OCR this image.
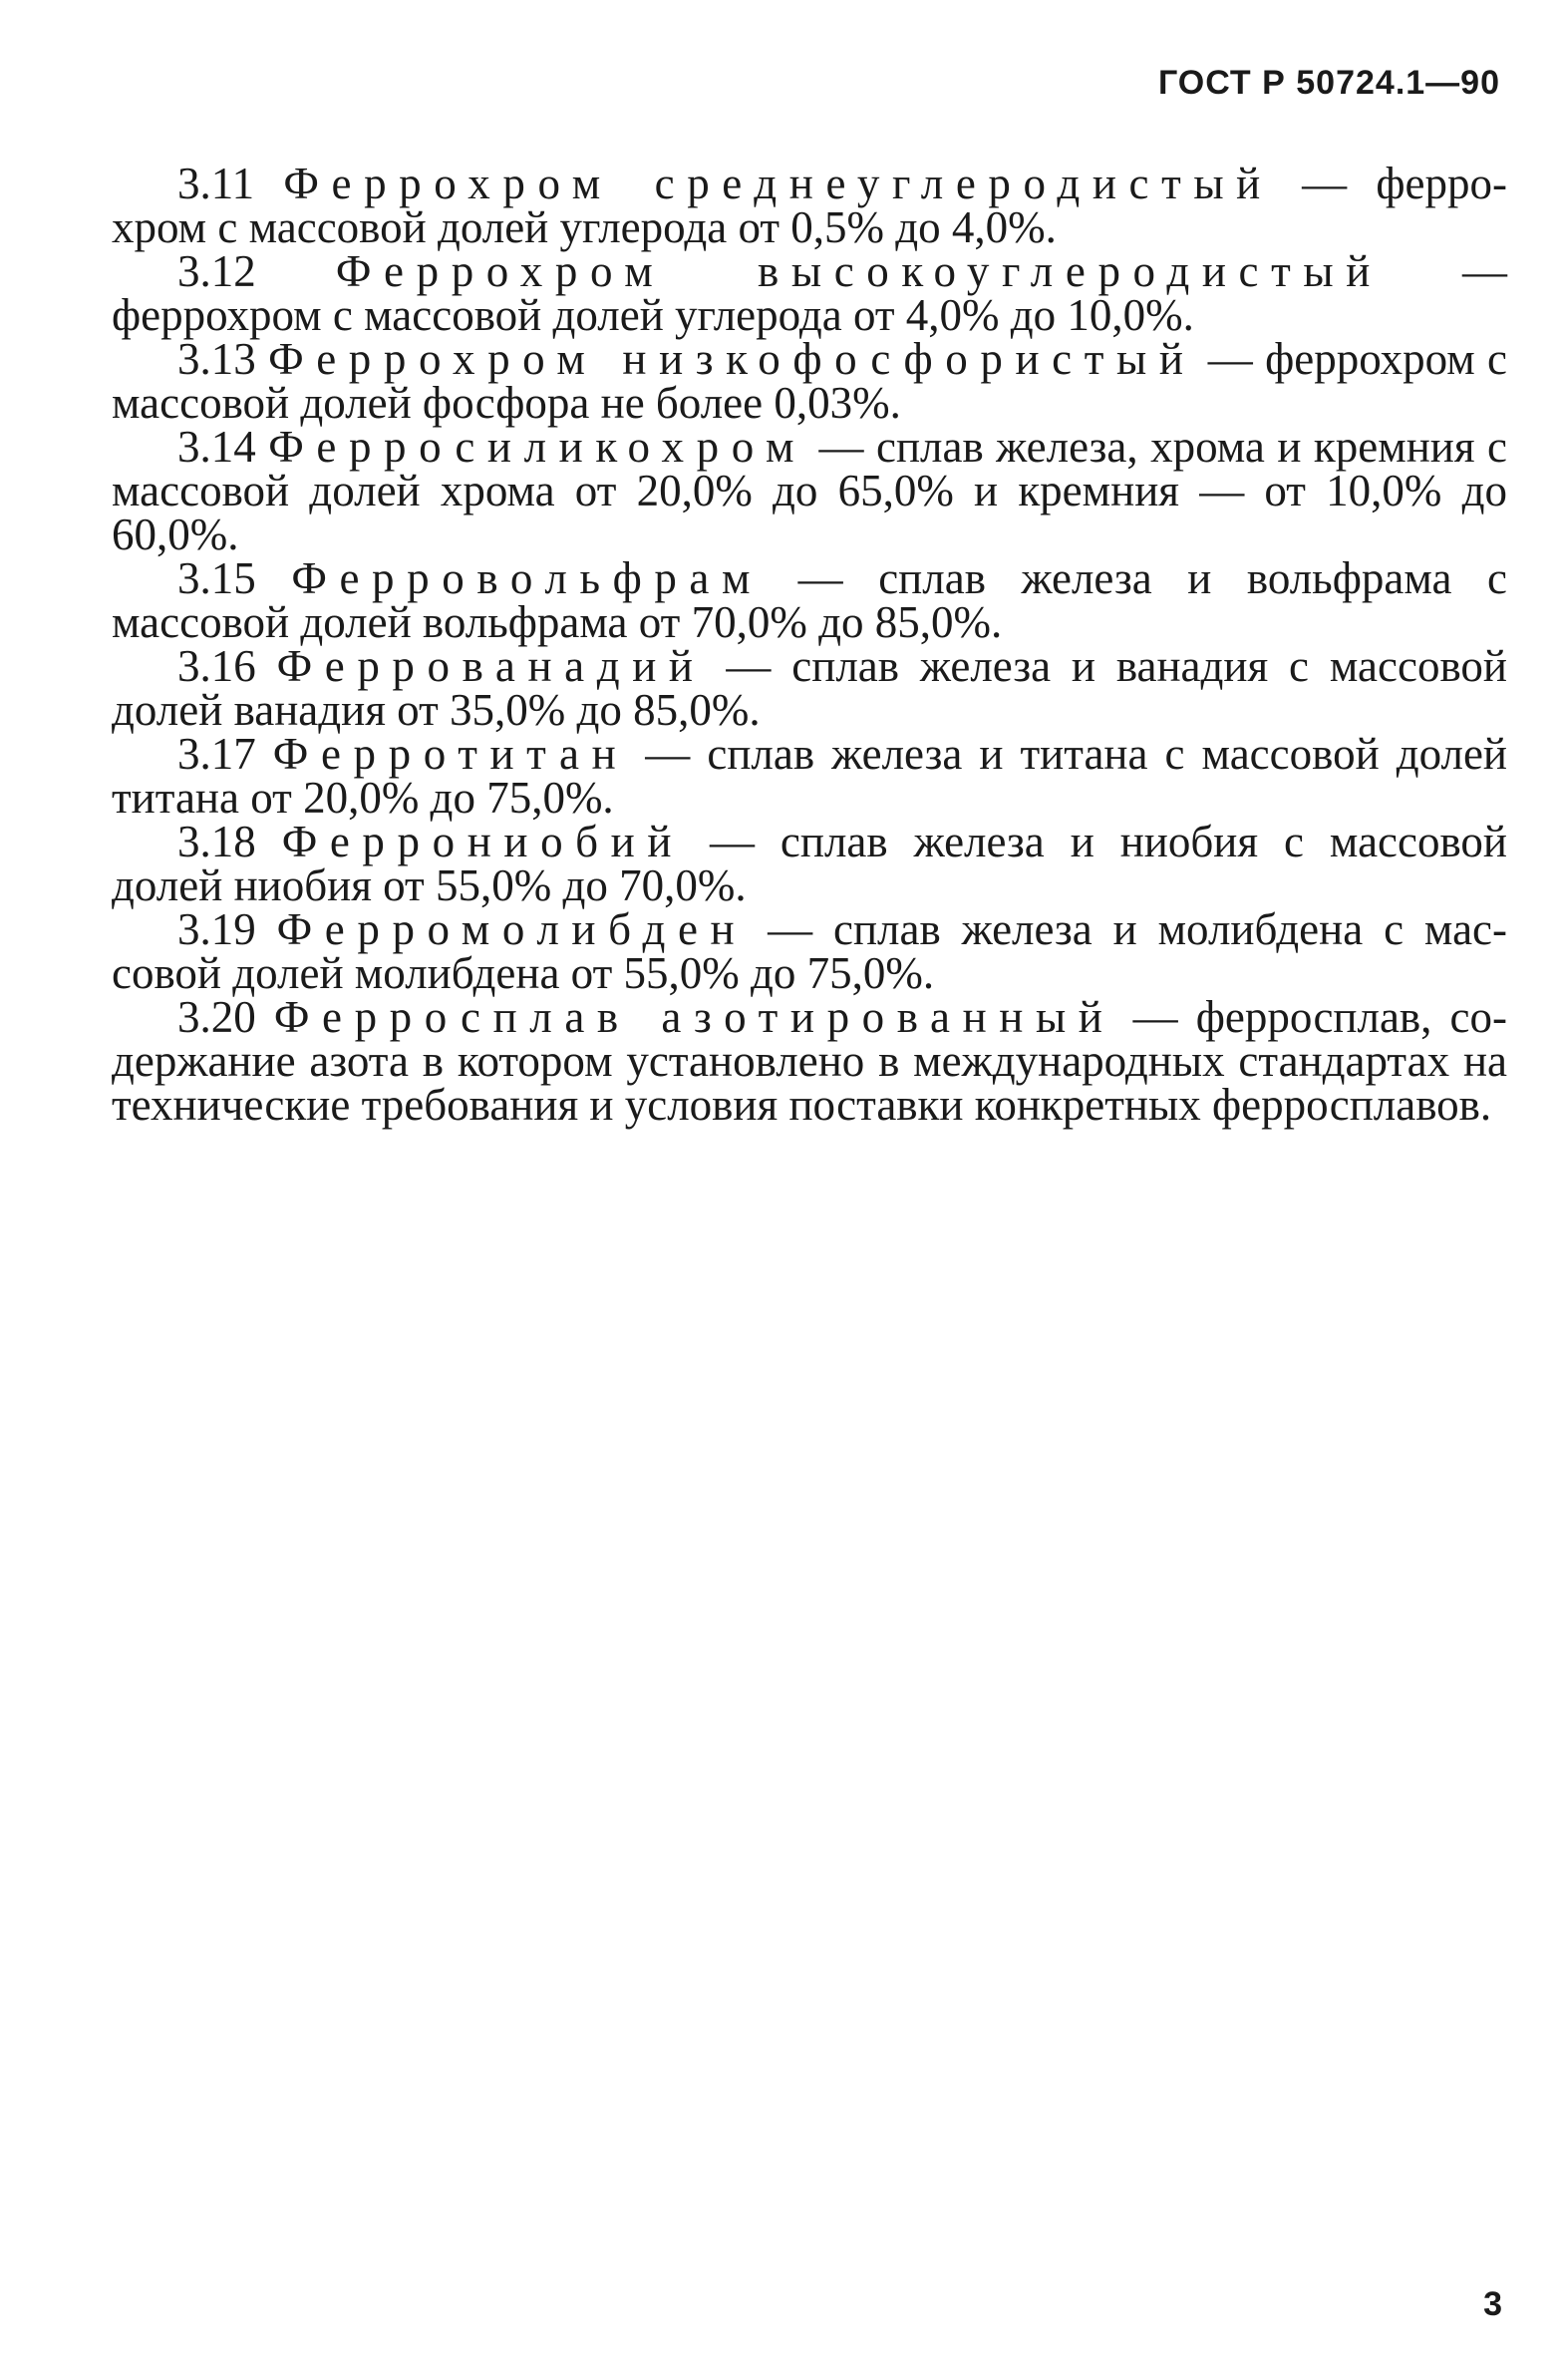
ГОСТ Р 50724.1—90

3.11 Феррохром среднеуглеродистый — феррохром с массовой долей углерода от 0,5% до 4,0%.

3.12 Феррохром высокоуглеродистый — феррохром с массовой долей углерода от 4,0% до 10,0%.

3.13 Феррохром низкофосфористый — феррохром с массовой долей фосфора не более 0,03%.

3.14 Ферросиликохром — сплав железа, хрома и кремния с массовой долей хрома от 20,0% до 65,0% и кремния — от 10,0% до 60,0%.

3.15 Ферровольфрам — сплав железа и вольфрама с массовой долей вольфрама от 70,0% до 85,0%.

3.16 Феррованадий — сплав железа и ванадия с массовой долей ванадия от 35,0% до 85,0%.

3.17 Ферротитан — сплав железа и титана с массовой долей титана от 20,0% до 75,0%.

3.18 Феррониобий — сплав железа и ниобия с массовой долей ниобия от 55,0% до 70,0%.

3.19 Ферромолибден — сплав железа и молибдена с массовой долей молибдена от 55,0% до 75,0%.

3.20 Ферросплав азотированный — ферросплав, содержание азота в котором установлено в международных стандартах на технические требования и условия поставки конкретных ферросплавов.

3
